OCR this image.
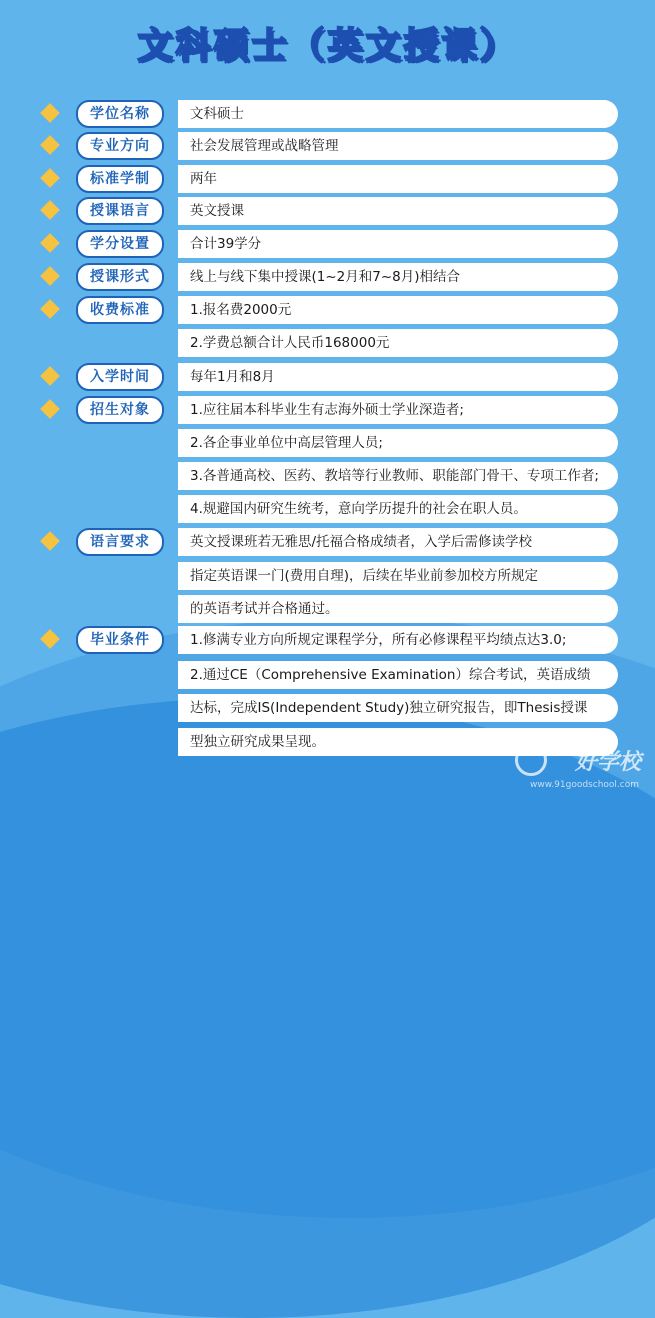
文科硕士（英文授课）
学位名称	文科硕士
专业方向	社会发展管理或战略管理
标准学制	两年
授课语言	英文授课
学分设置	合计39学分
授课形式	线上与线下集中授课(1~2月和7~8月)相结合
收费标准	1.报名费2000元
2.学费总额合计人民币168000元
入学时间	每年1月和8月
招生对象	1.应往届本科毕业生有志海外硕士学业深造者;
2.各企事业单位中高层管理人员;
3.各普通高校、医药、教培等行业教师、职能部门骨干、专项工作者;
4.规避国内研究生统考，意向学历提升的社会在职人员。
语言要求	英文授课班若无雅思/托福合格成绩者，入学后需修读学校
指定英语课一门(费用自理)，后续在毕业前参加校方所规定
的英语考试并合格通过。
毕业条件	1.修满专业方向所规定课程学分，所有必修课程平均绩点达3.0;
2.通过CE（Comprehensive Examination）综合考试，英语成绩
达标，完成IS(Independent Study)独立研究报告，即Thesis授课
型独立研究成果呈现。
好学校
www.91goodschool.com
